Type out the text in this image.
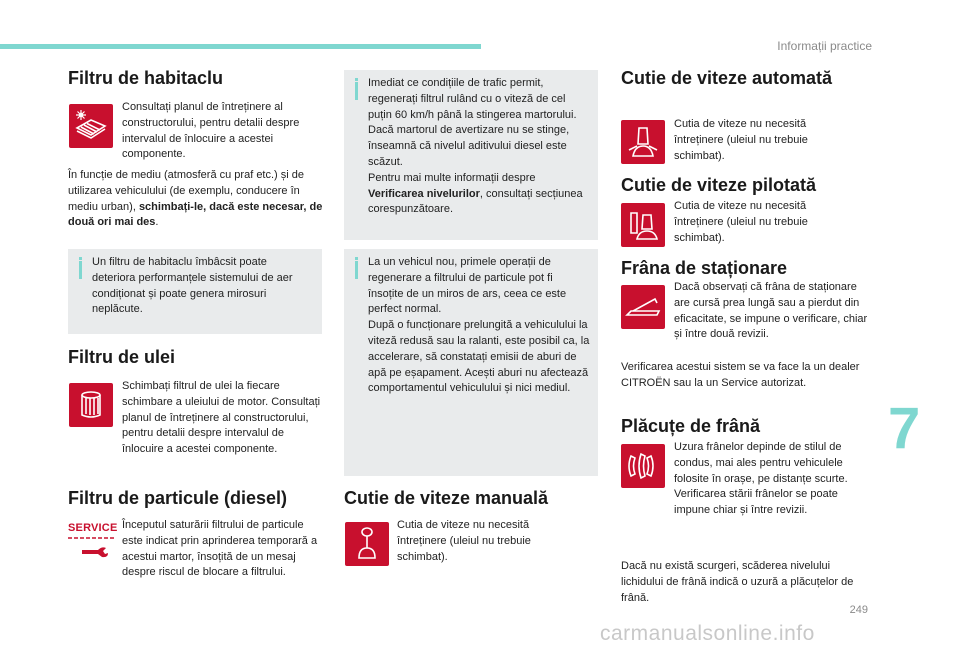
Informații practice
7
249
carmanualsonline.info
Filtru de habitaclu

Consultați planul de întreținere al constructorului, pentru detalii despre intervalul de înlocuire a acestei componente.

În funcție de mediu (atmosferă cu praf etc.) și de utilizarea vehiculului (de exemplu, conducere în mediu urban), schimbați-le, dacă este necesar, de două ori mai des.

Un filtru de habitaclu îmbâcsit poate deteriora performanțele sistemului de aer condiționat și poate genera mirosuri neplăcute.

Filtru de ulei

Schimbați filtrul de ulei la fiecare schimbare a uleiului de motor. Consultați planul de întreținere al constructorului, pentru detalii despre intervalul de înlocuire a acestei componente.

Filtru de particule (diesel)
SERVICE Începutul saturării filtrului de particule este indicat prin aprinderea temporară a acestui martor, însoțită de un mesaj despre riscul de blocare a filtrului.

Imediat ce condițiile de trafic permit, regenerați filtrul rulând cu o viteză de cel puțin 60 km/h până la stingerea martorului.
Dacă martorul de avertizare nu se stinge, înseamnă că nivelul aditivului diesel este scăzut.
Pentru mai multe informații despre Verificarea nivelurilor, consultați secțiunea corespunzătoare.

La un vehicul nou, primele operații de regenerare a filtrului de particule pot fi însoțite de un miros de ars, ceea ce este perfect normal.
După o funcționare prelungită a vehiculului la viteză redusă sau la ralanti, este posibil ca, la accelerare, să constatați emisii de aburi de apă pe eșapament. Acești aburi nu afectează comportamentul vehiculului și nici mediul.

Cutie de viteze manuală

Cutia de viteze nu necesită întreținere (uleiul nu trebuie schimbat).

Cutie de viteze automată

Cutia de viteze nu necesită întreținere (uleiul nu trebuie schimbat).

Cutie de viteze pilotată

Cutia de viteze nu necesită întreținere (uleiul nu trebuie schimbat).

Frâna de staționare

Dacă observați că frâna de staționare are cursă prea lungă sau a pierdut din eficacitate, se impune o verificare, chiar și între două revizii.

Verificarea acestui sistem se va face la un dealer CITROËN sau la un Service autorizat.

Plăcuțe de frână

Uzura frânelor depinde de stilul de condus, mai ales pentru vehiculele folosite în orașe, pe distanțe scurte. Verificarea stării frânelor se poate impune chiar și între revizii.

Dacă nu există scurgeri, scăderea nivelului lichidului de frână indică o uzură a plăcuțelor de frână.
